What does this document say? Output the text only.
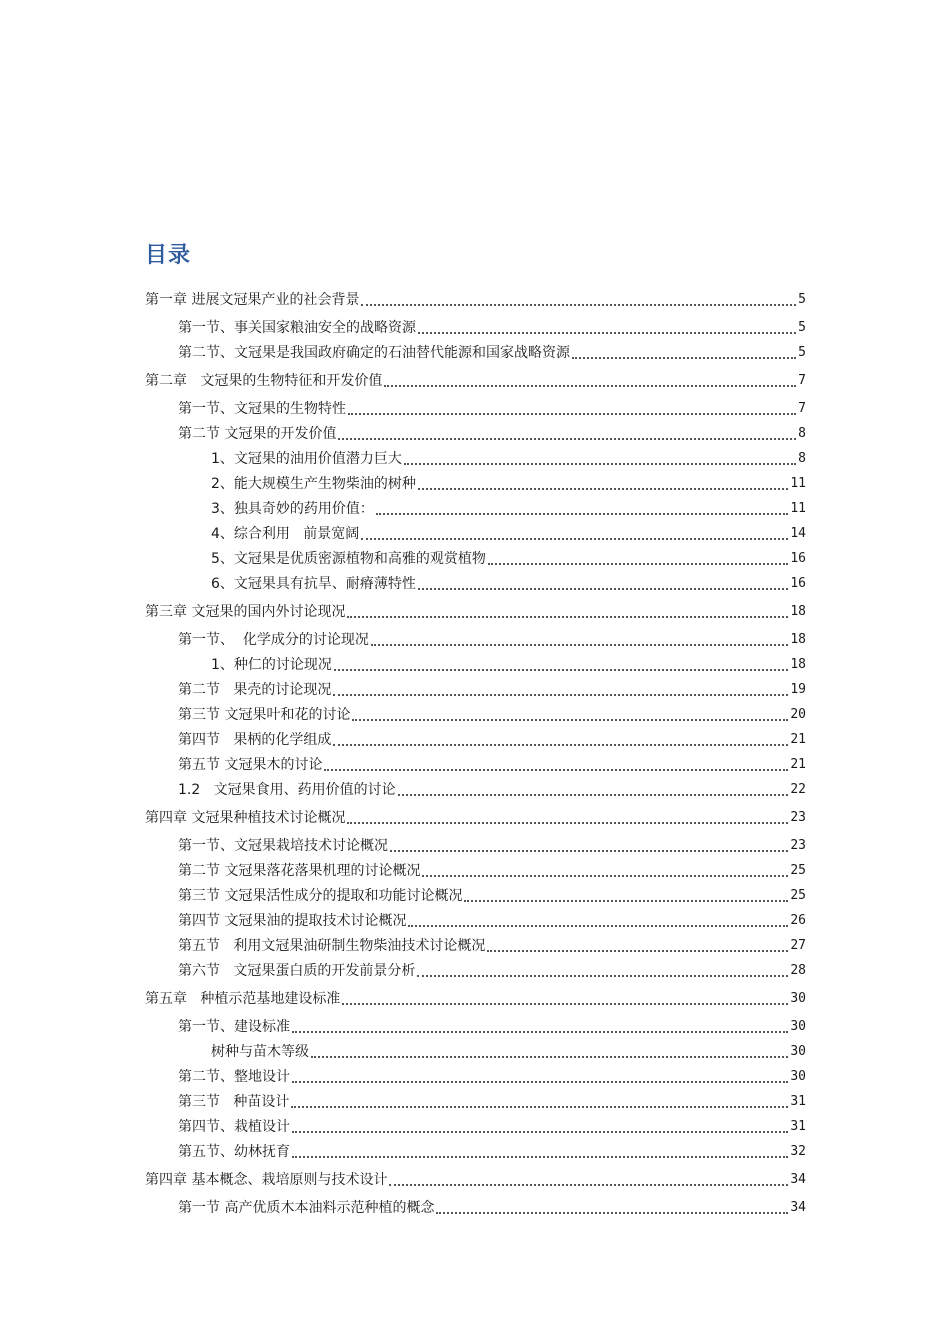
目录
第一章 进展文冠果产业的社会背景	5
第一节、事关国家粮油安全的战略资源	5
第二节、文冠果是我国政府确定的石油替代能源和国家战略资源	5
第二章   文冠果的生物特征和开发价值	7
第一节、文冠果的生物特性	7
第二节 文冠果的开发价值	8
1、文冠果的油用价值潜力巨大	8
2、能大规模生产生物柴油的树种	11
3、独具奇妙的药用价值：	11
4、综合利用   前景宽阔	14
5、文冠果是优质密源植物和高雅的观赏植物	16
6、文冠果具有抗旱、耐瘠薄特性	16
第三章 文冠果的国内外讨论现况	18
第一节、  化学成分的讨论现况	18
1、种仁的讨论现况	18
第二节   果壳的讨论现况	19
第三节 文冠果叶和花的讨论	20
第四节   果柄的化学组成	21
第五节 文冠果木的讨论	21
1.2   文冠果食用、药用价值的讨论	22
第四章 文冠果种植技术讨论概况	23
第一节、文冠果栽培技术讨论概况	23
第二节 文冠果落花落果机理的讨论概况	25
第三节 文冠果活性成分的提取和功能讨论概况	25
第四节 文冠果油的提取技术讨论概况	26
第五节   利用文冠果油研制生物柴油技术讨论概况	27
第六节   文冠果蛋白质的开发前景分析	28
第五章   种植示范基地建设标准	30
第一节、建设标准	30
树种与苗木等级	30
第二节、整地设计	30
第三节   种苗设计	31
第四节、栽植设计	31
第五节、幼林抚育	32
第四章 基本概念、栽培原则与技术设计	34
第一节 高产优质木本油料示范种植的概念	34
